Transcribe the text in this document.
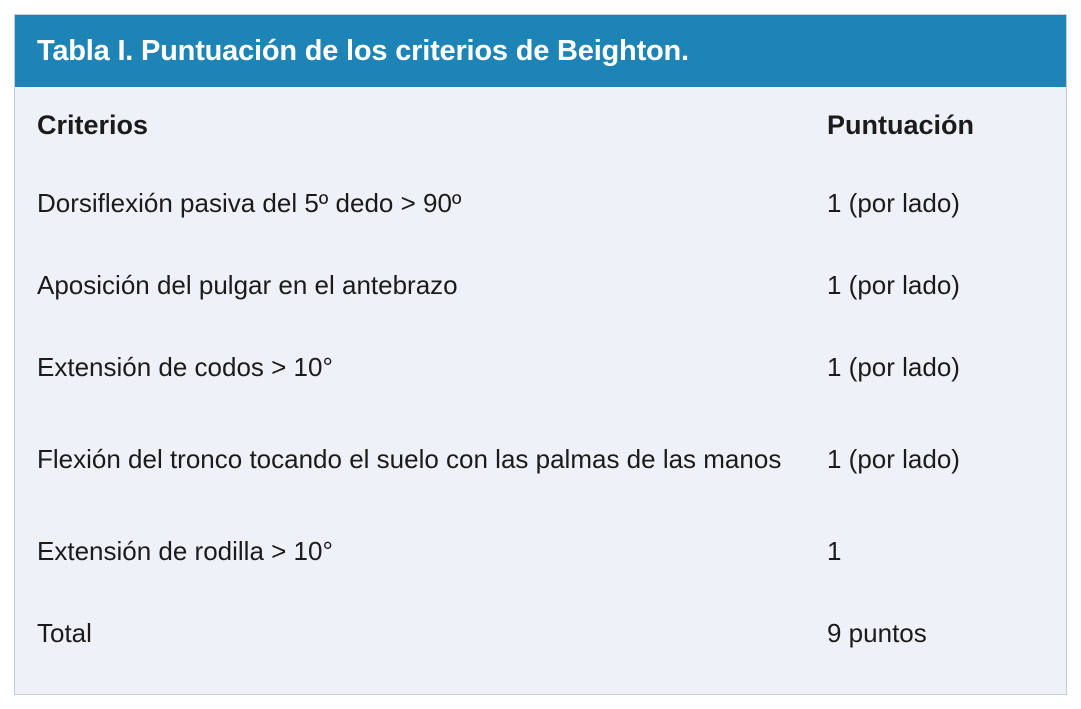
Tabla I. Puntuación de los criterios de Beighton.
Criterios	Puntuación
Dorsiflexión pasiva del 5º dedo > 90º	1 (por lado)
Aposición del pulgar en el antebrazo	1 (por lado)
Extensión de codos > 10°	1 (por lado)
Flexión del tronco tocando el suelo con las palmas de las manos	1 (por lado)
Extensión de rodilla > 10°	1
Total	9 puntos
